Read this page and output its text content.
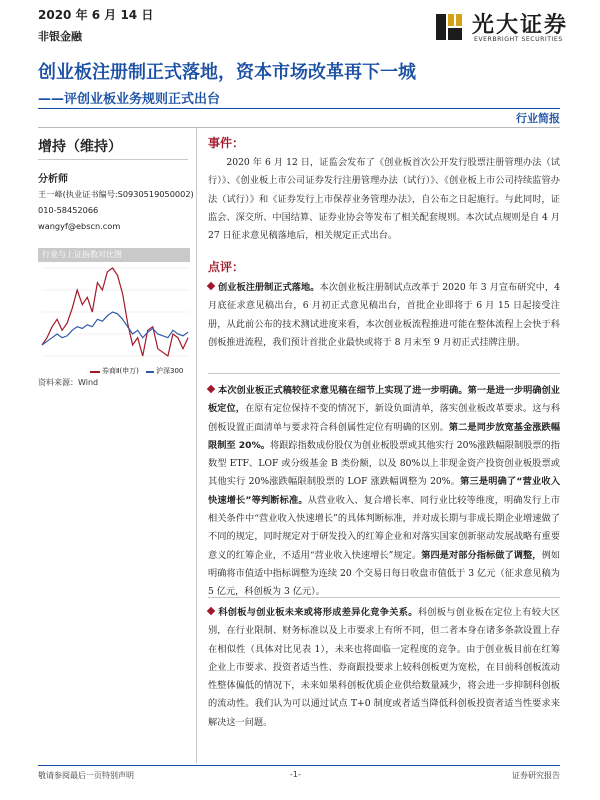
2020 年 6 月 14 日
非银金融	光大证券
EVERBRIGHT SECURITIES
创业板注册制正式落地，资本市场改革再下一城
——评创业板业务规则正式出台
行业简报
增持（维持）
分析师
王一峰(执业证书编号:S0930519050002)
010-58452066
wangyf@ebscn.com
行业与上证指数对比图
券商Ⅱ(申万) 沪深300
资料来源：Wind
事件：
2020 年 6 月 12 日，证监会发布了《创业板首次公开发行股票注册管理办法（试行）》、《创业板上市公司证券发行注册管理办法（试行）》、《创业板上市公司持续监管办法（试行）》和《证券发行上市保荐业务管理办法》，自公布之日起施行。与此同时，证监会、深交所、中国结算、证券业协会等发布了相关配套规则。本次试点规则是自 4 月 27 日征求意见稿落地后，相关规定正式出台。
点评：
创业板注册制正式落地。本次创业板注册制试点改革于 2020 年 3 月宣布研究中，4 月底征求意见稿出台，6 月初正式意见稿出台，首批企业即将于 6 月 15 日起接受注册，从此前公布的技术测试进度来看，本次创业板流程推进可能在整体流程上会快于科创板推进流程，我们预计首批企业最快或将于 8 月末至 9 月初正式挂牌注册。
本次创业板正式稿较征求意见稿在细节上实现了进一步明确。第一是进一步明确创业板定位，在原有定位保持不变的情况下，新设负面清单，落实创业板改革要求。这与科创板设置正面清单与要求符合科创属性定位有明确的区别。第二是同步放宽基金涨跌幅限制至 20%。将跟踪指数成份股仅为创业板股票或其他实行 20%涨跌幅限制股票的指数型 ETF、LOF 或分级基金 B 类份额，以及 80%以上非现金资产投资创业板股票或其他实行 20%涨跌幅限制股票的 LOF 涨跌幅调整为 20%。第三是明确了“营业收入快速增长”等判断标准。从营业收入、复合增长率、同行业比较等维度，明确发行上市相关条件中“营业收入快速增长”的具体判断标准，并对成长期与非成长期企业增速做了不同的规定，同时规定对于研发投入的红筹企业和对落实国家创新驱动发展战略有重要意义的红筹企业，不适用“营业收入快速增长”规定。第四是对部分指标做了调整，例如明确将市值适中指标调整为连续 20 个交易日每日收盘市值低于 3 亿元（征求意见稿为 5 亿元，科创板为 3 亿元）。
科创板与创业板未来或将形成差异化竞争关系。科创板与创业板在定位上有较大区别，在行业限制、财务标准以及上市要求上有所不同，但二者本身在诸多条款设置上存在相似性（具体对比见表 1），未来也将面临一定程度的竞争。由于创业板目前在红筹企业上市要求、投资者适当性、券商跟投要求上较科创板更为宽松，在目前科创板流动性整体偏低的情况下，未来如果科创板优质企业供给数量减少，将会进一步抑制科创板的流动性。我们认为可以通过试点 T+0 制度或者适当降低科创板投资者适当性要求来解决这一问题。
敬请参阅最后一页特别声明	-1-	证券研究报告
